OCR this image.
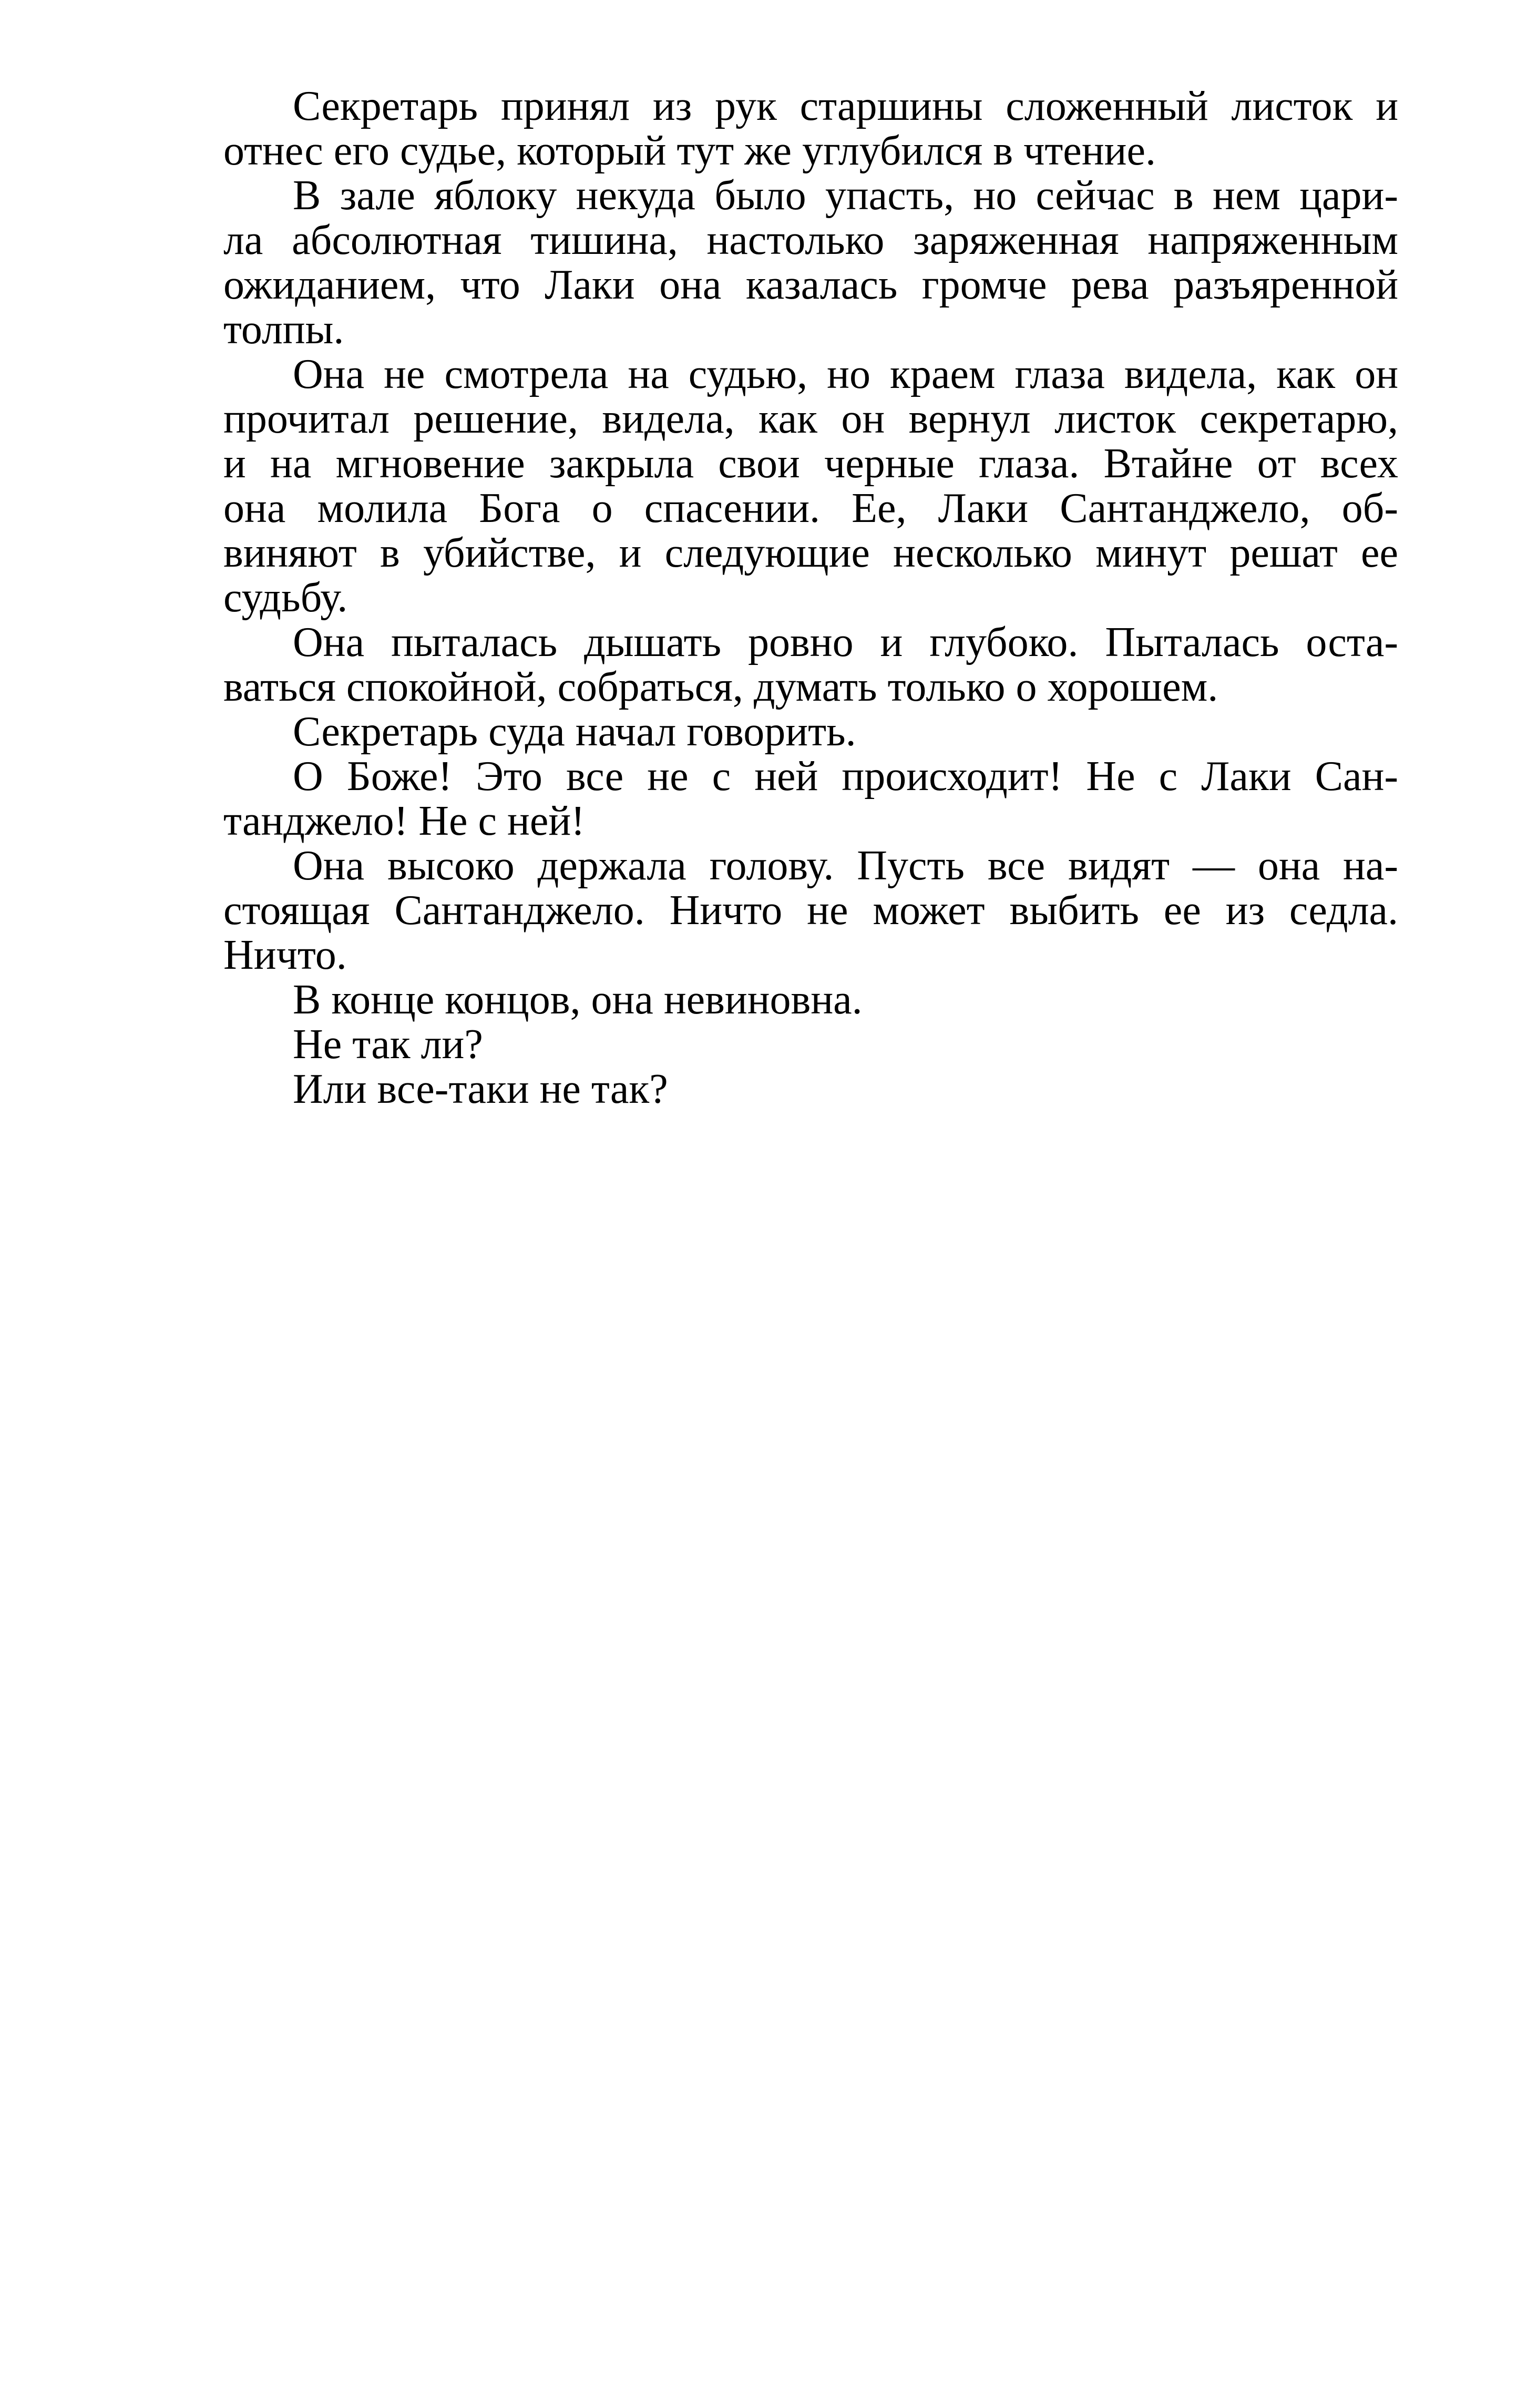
Секретарь принял из рук старшины сложенный листок и
отнес его судье, который тут же углубился в чтение.

В зале яблоку некуда было упасть, но сейчас в нем цари-
ла абсолютная тишина, настолько заряженная напряженным
ожиданием, что Лаки она казалась громче рева разъяренной
толпы.

Она не смотрела на судью, но краем глаза видела, как он
прочитал решение, видела, как он вернул листок секретарю,
и на мгновение закрыла свои черные глаза. Втайне от всех
она молила Бога о спасении. Ее, Лаки Сантанджело, об-
виняют в убийстве, и следующие несколько минут решат ее
судьбу.

Она пыталась дышать ровно и глубоко. Пыталась оста-
ваться спокойной, собраться, думать только о хорошем.

Секретарь суда начал говорить.

О Боже! Это все не с ней происходит! Не с Лаки Сан-
танджело! Не с ней!

Она высоко держала голову. Пусть все видят — она на-
стоящая Сантанджело. Ничто не может выбить ее из седла.
Ничто.

В конце концов, она невиновна.

Не так ли?

Или все-таки не так?
